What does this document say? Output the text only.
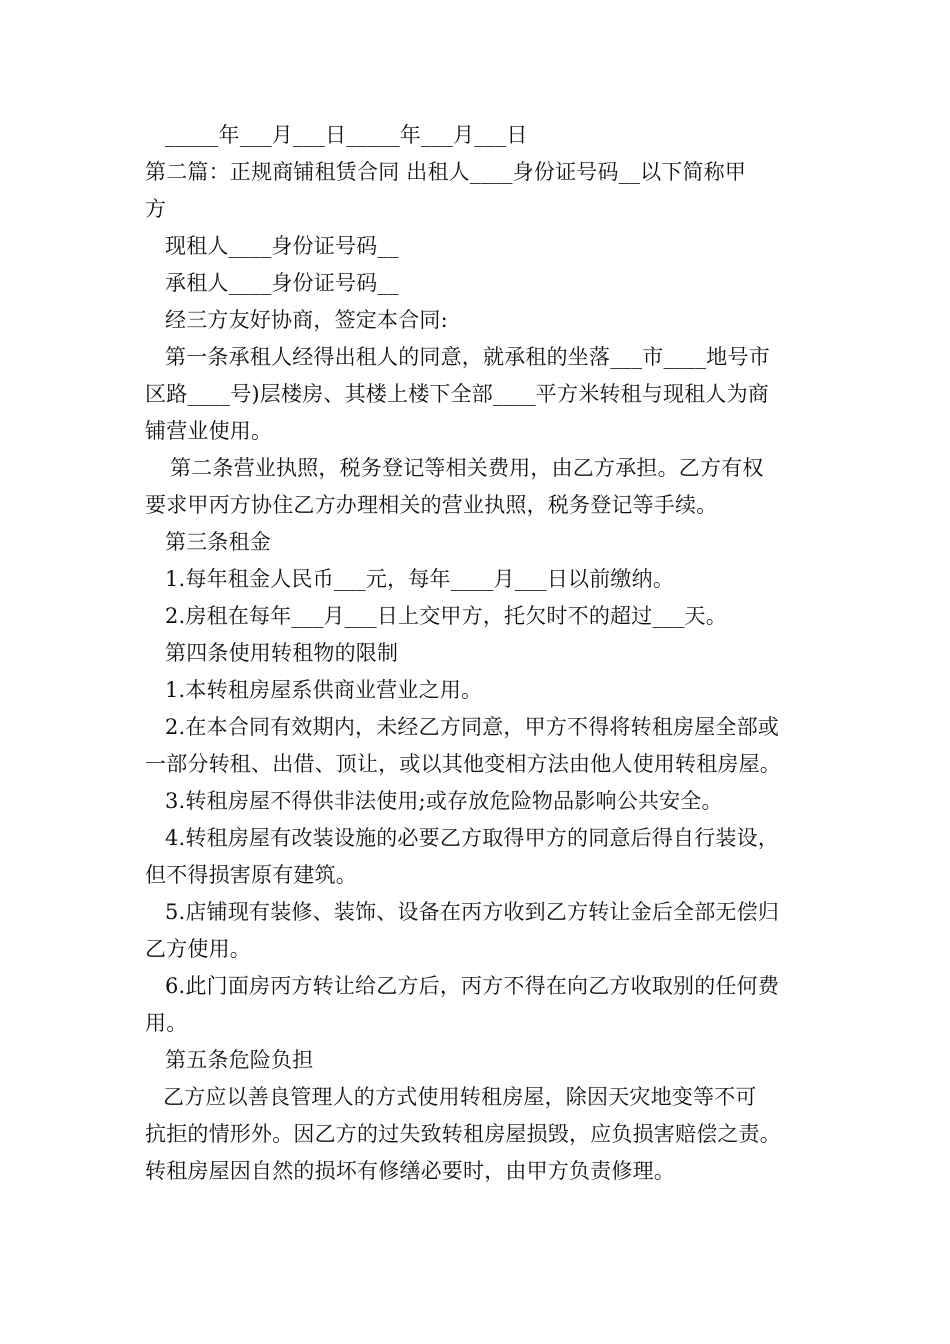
_____年___月___日_____年___月___日
第二篇：正规商铺租赁合同 出租人____身份证号码__以下简称甲
方
现租人____身份证号码__
承租人____身份证号码__
经三方友好协商，签定本合同:
第一条承租人经得出租人的同意，就承租的坐落___市____地号市
区路____号)层楼房、其楼上楼下全部____平方米转租与现租人为商
铺营业使用。
第二条营业执照，税务登记等相关费用，由乙方承担。乙方有权
要求甲丙方协住乙方办理相关的营业执照，税务登记等手续。
第三条租金
1.每年租金人民币___元，每年____月___日以前缴纳。
2.房租在每年___月___日上交甲方，托欠时不的超过___天。
第四条使用转租物的限制
1.本转租房屋系供商业营业之用。
2.在本合同有效期内，未经乙方同意，甲方不得将转租房屋全部或
一部分转租、出借、顶让，或以其他变相方法由他人使用转租房屋。
3.转租房屋不得供非法使用;或存放危险物品影响公共安全。
4.转租房屋有改装设施的必要乙方取得甲方的同意后得自行装设，
但不得损害原有建筑。
5.店铺现有装修、装饰、设备在丙方收到乙方转让金后全部无偿归
乙方使用。
6.此门面房丙方转让给乙方后，丙方不得在向乙方收取别的任何费
用。
第五条危险负担
乙方应以善良管理人的方式使用转租房屋，除因天灾地变等不可
抗拒的情形外。因乙方的过失致转租房屋损毁，应负损害赔偿之责。
转租房屋因自然的损坏有修缮必要时，由甲方负责修理。
